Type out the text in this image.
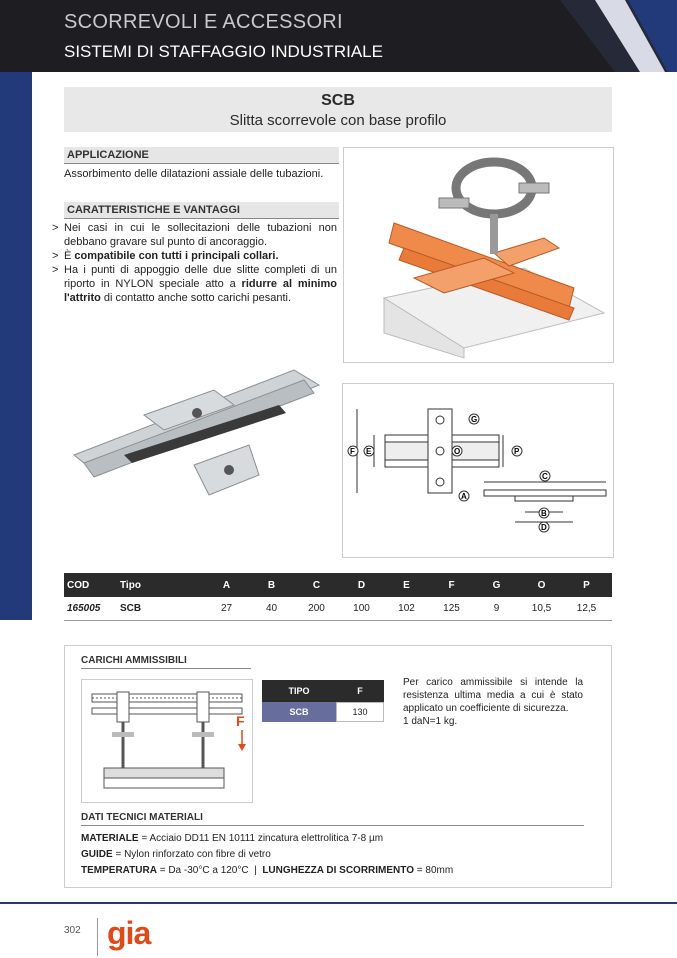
SCORREVOLI E ACCESSORI
SISTEMI DI STAFFAGGIO INDUSTRIALE
SCB
Slitta scorrevole con base profilo
APPLICAZIONE
Assorbimento delle dilatazioni assiale delle tubazioni.
CARATTERISTICHE E VANTAGGI
> Nei casi in cui le sollecitazioni delle tubazioni non debbano gravare sul punto di ancoraggio.
> È compatibile con tutti i principali collari.
> Ha i punti di appoggio delle due slitte completi di un riporto in NYLON speciale atto a ridurre al minimo l'attrito di contatto anche sotto carichi pesanti.
G
F E	O	P
C
A
B
D
COD	Tipo	A	B	C	D	E	F	G	O	P
165005	SCB	27	40	200	100	102	125	9	10,5	12,5
CARICHI AMMISSIBILI
F
TIPO	F
SCB	130
Per carico ammissibile si intende la resistenza ultima media a cui è stato applicato un coefficiente di sicurezza.
1 daN=1 kg.
DATI TECNICI MATERIALI
MATERIALE = Acciaio DD11 EN 10111 zincatura elettrolitica 7-8 µm
GUIDE = Nylon rinforzato con fibre di vetro
TEMPERATURA = Da -30°C a 120°C  |  LUNGHEZZA DI SCORRIMENTO = 80mm
302 gia
